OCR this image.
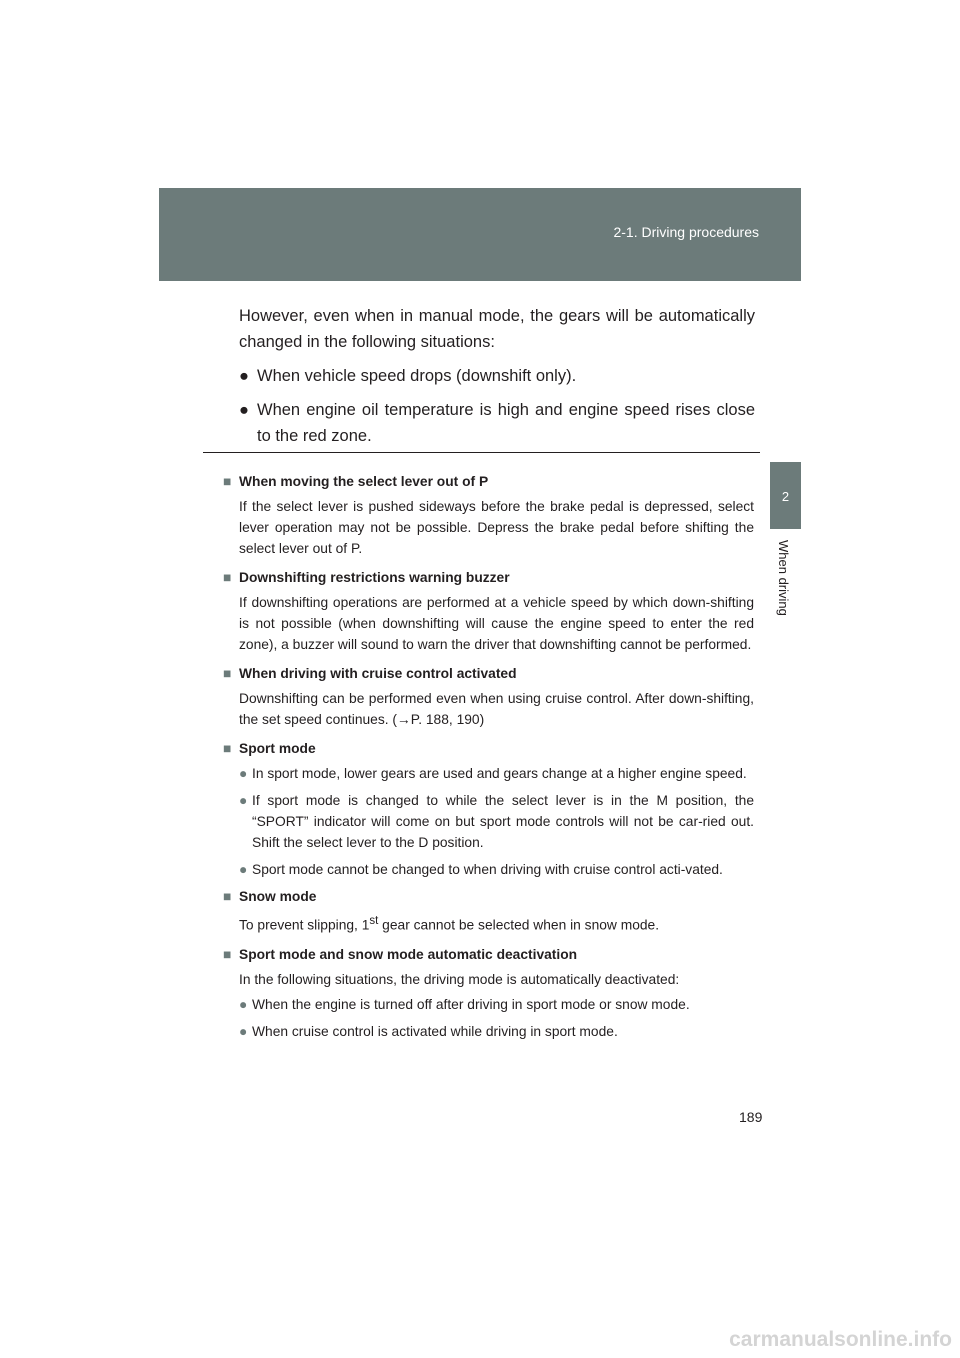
2-1. Driving procedures
2
When driving

However, even when in manual mode, the gears will be automatically changed in the following situations:

● When vehicle speed drops (downshift only).
● When engine oil temperature is high and engine speed rises close to the red zone.
■ When moving the select lever out of P
If the select lever is pushed sideways before the brake pedal is depressed, select lever operation may not be possible. Depress the brake pedal before shifting the select lever out of P.
■ Downshifting restrictions warning buzzer
If downshifting operations are performed at a vehicle speed by which down-shifting is not possible (when downshifting will cause the engine speed to enter the red zone), a buzzer will sound to warn the driver that downshifting cannot be performed.
■ When driving with cruise control activated
Downshifting can be performed even when using cruise control. After down-shifting, the set speed continues. (→P. 188, 190)
■ Sport mode
● In sport mode, lower gears are used and gears change at a higher engine speed.
● If sport mode is changed to while the select lever is in the M position, the “SPORT” indicator will come on but sport mode controls will not be car-ried out. Shift the select lever to the D position.
● Sport mode cannot be changed to when driving with cruise control acti-vated.
■ Snow mode
To prevent slipping, 1st gear cannot be selected when in snow mode.
■ Sport mode and snow mode automatic deactivation
In the following situations, the driving mode is automatically deactivated:
● When the engine is turned off after driving in sport mode or snow mode.
● When cruise control is activated while driving in sport mode.
189
carmanualsonline.info
